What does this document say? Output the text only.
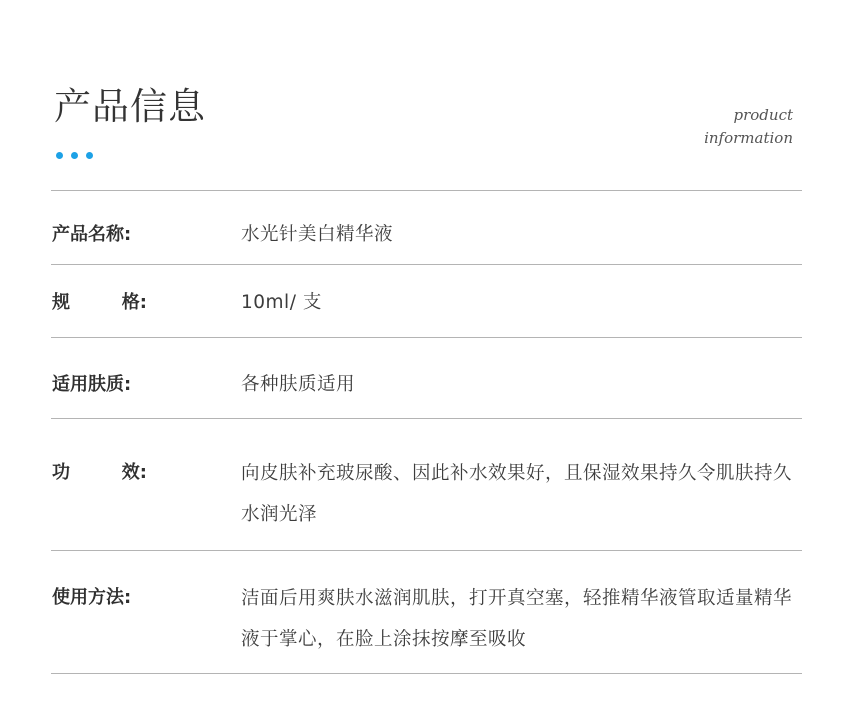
产品信息	product
information
产品名称:	水光针美白精华液
规	格:	10ml/ 支
适用肤质:	各种肤质适用
功	效:	向皮肤补充玻尿酸、因此补水效果好，且保湿效果持久令肌肤持久水润光泽
使用方法:	洁面后用爽肤水滋润肌肤，打开真空塞，轻推精华液管取适量精华液于掌心，在脸上涂抹按摩至吸收
